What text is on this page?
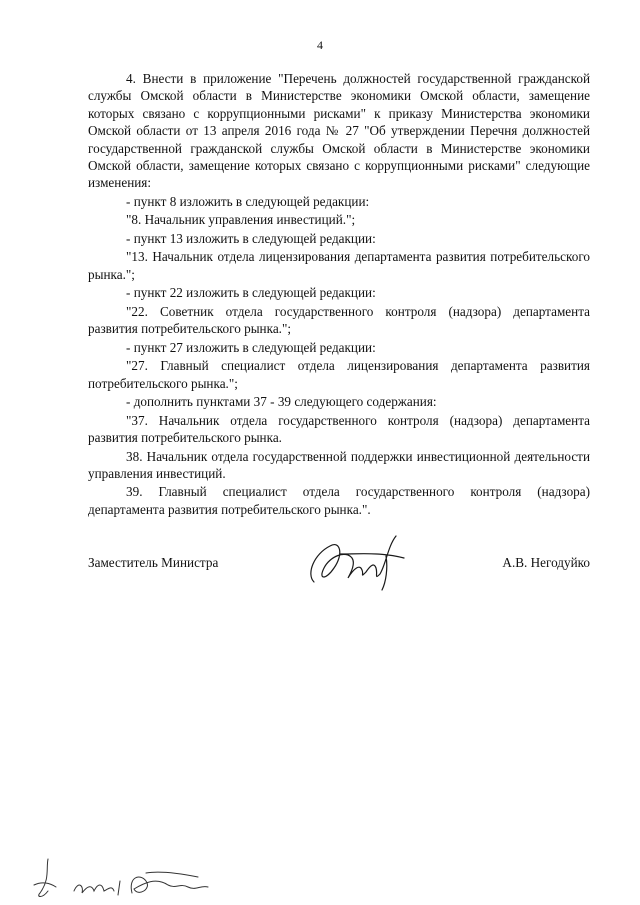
4

4. Внести в приложение "Перечень должностей государственной гражданской службы Омской области в Министерстве экономики Омской области, замещение которых связано с коррупционными рисками" к приказу Министерства экономики Омской области от 13 апреля 2016 года № 27 "Об утверждении Перечня должностей государственной гражданской службы Омской области в Министерстве экономики Омской области, замещение которых связано с коррупционными рисками" следующие изменения:

- пункт 8 изложить в следующей редакции:

"8. Начальник управления инвестиций.";

- пункт 13 изложить в следующей редакции:

"13. Начальник отдела лицензирования департамента развития потребительского рынка.";

- пункт 22 изложить в следующей редакции:

"22. Советник отдела государственного контроля (надзора) департамента развития потребительского рынка.";

- пункт 27 изложить в следующей редакции:

"27. Главный специалист отдела лицензирования департамента развития потребительского рынка.";

- дополнить пунктами 37 - 39 следующего содержания:

"37. Начальник отдела государственного контроля (надзора) департамента развития потребительского рынка.

38. Начальник отдела государственной поддержки инвестиционной деятельности управления инвестиций.

39. Главный специалист отдела государственного контроля (надзора) департамента развития потребительского рынка.".

Заместитель Министра	А.В. Негодуйко
